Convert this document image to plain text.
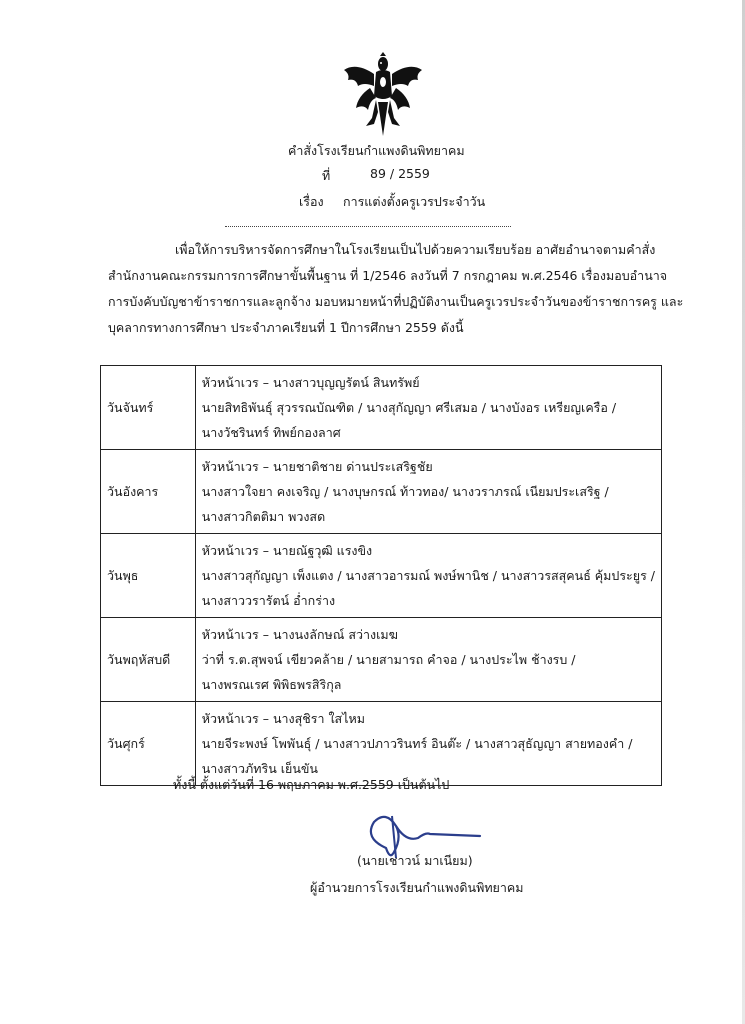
คำสั่งโรงเรียนกำแพงดินพิทยาคม
ที่	89 / 2559
เรื่อง การแต่งตั้งครูเวรประจำวัน
เพื่อให้การบริหารจัดการศึกษาในโรงเรียนเป็นไปด้วยความเรียบร้อย อาศัยอำนาจตามคำสั่ง
สำนักงานคณะกรรมการการศึกษาขั้นพื้นฐาน ที่ 1/2546 ลงวันที่ 7 กรกฎาคม พ.ศ.2546 เรื่องมอบอำนาจ
การบังคับบัญชาข้าราชการและลูกจ้าง มอบหมายหน้าที่ปฏิบัติงานเป็นครูเวรประจำวันของข้าราชการครู และ
บุคลากรทางการศึกษา ประจำภาคเรียนที่ 1 ปีการศึกษา 2559 ดังนี้
วันจันทร์	หัวหน้าเวร – นางสาวบุญญรัตน์ สินทรัพย์
นายสิทธิพันธุ์ สุวรรณบัณฑิต / นางสุกัญญา ศรีเสมอ / นางบังอร เหรียญเครือ /
นางวัชรินทร์ ทิพย์กองลาศ

วันอังคาร	หัวหน้าเวร – นายชาติชาย ด่านประเสริฐชัย
นางสาวใจยา คงเจริญ / นางบุษกรณ์ ท้าวทอง/ นางวราภรณ์ เนียมประเสริฐ /
นางสาวกิตติมา พวงสด

วันพุธ	หัวหน้าเวร – นายณัฐวุฒิ แรงขิง
นางสาวสุกัญญา เพ็งแตง / นางสาวอารมณ์ พงษ์พานิช / นางสาวรสสุคนธ์ คุ้มประยูร /
นางสาววรารัตน์ อ่ำกร่าง

วันพฤหัสบดี	หัวหน้าเวร – นางนงลักษณ์ สว่างเมฆ
ว่าที่ ร.ต.สุพจน์ เขียวคล้าย / นายสามารถ คำจอ / นางประไพ ช้างรบ /
นางพรณเรศ พิพิธพรสิริกุล

วันศุกร์	หัวหน้าเวร – นางสุชิรา ใสไหม
นายจีระพงษ์ โพพันธุ์ / นางสาวปภาวรินทร์ อินต๊ะ / นางสาวสุธัญญา สายทองคำ /
นางสาวภัทริน เย็นขัน
ทั้งนี้ ตั้งแต่วันที่ 16 พฤษภาคม พ.ศ.2559 เป็นต้นไป
(นายเชาวน์ มาเนียม)
ผู้อำนวยการโรงเรียนกำแพงดินพิทยาคม
